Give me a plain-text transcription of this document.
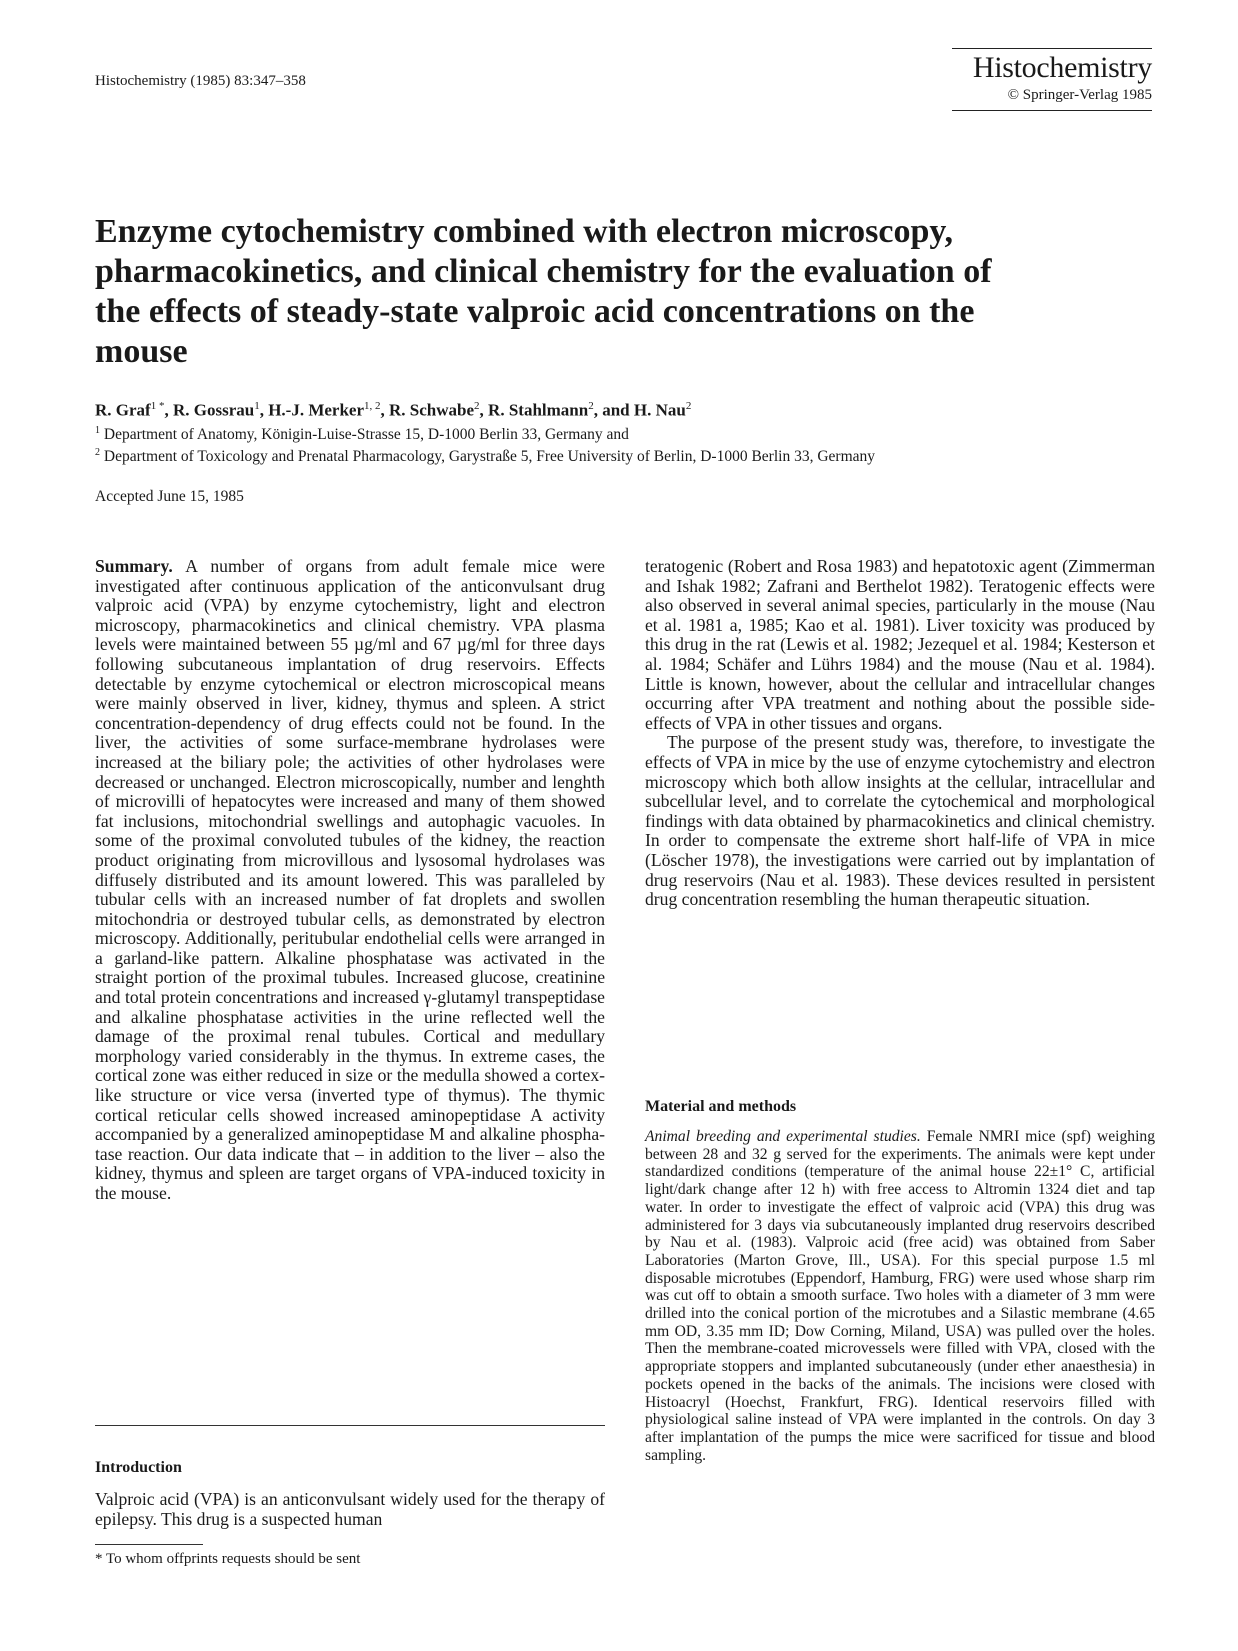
Histochemistry (1985) 83:347–358	Histochemistry
© Springer-Verlag 1985
Enzyme cytochemistry combined with electron microscopy, pharmacokinetics, and clinical chemistry for the evaluation of the effects of steady-state valproic acid concentrations on the mouse
R. Graf$^{1 *}$, R. Gossrau$^1$, H.-J. Merker$^{1, 2}$, R. Schwabe$^2$, R. Stahlmann$^2$, and H. Nau$^2$
$^1$ Department of Anatomy, Königin-Luise-Strasse 15, D-1000 Berlin 33, Germany and
$^2$ Department of Toxicology and Prenatal Pharmacology, Garystraße 5, Free University of Berlin, D-1000 Berlin 33, Germany
Accepted June 15, 1985

Summary. A number of organs from adult female mice were investigated after continuous application of the anticonvulsant drug valproic acid (VPA) by enzyme cytochemistry, light and electron microscopy, pharmacokinetics and clinical chemistry. VPA plasma levels were maintained between 55 µg/ml and 67 µg/ml for three days following subcutaneous implantation of drug reservoirs. Effects detectable by enzyme cytochemical or electron microscopical means were mainly observed in liver, kidney, thymus and spleen. A strict concentration-dependency of drug effects could not be found. In the liver, the activities of some surface-membrane hydrolases were increased at the biliary pole; the activities of other hydrolases were decreased or unchanged. Electron microscopically, number and lenghth of microvilli of hepatocytes were increased and many of them showed fat inclusions, mitochondrial swellings and autophagic vacuoles. In some of the proximal convoluted tubules of the kidney, the reaction product originating from microvillous and lysosomal hydrolases was diffusely distributed and its amount lowered. This was paralleled by tubular cells with an increased number of fat droplets and swollen mitochondria or destroyed tubular cells, as demonstrated by electron microscopy. Additionally, peritubular endothelial cells were arranged in a garland-like pattern. Alkaline phosphatase was activated in the straight portion of the proximal tubules. Increased glucose, creatinine and total protein concentrations and increased γ-glutamyl transpeptidase and alkaline phosphatase activities in the urine reflected well the damage of the proximal renal tubules. Cortical and medullary morphology varied considerably in the thymus. In extreme cases, the cortical zone was either reduced in size or the medulla showed a cortex-like structure or vice versa (inverted type of thymus). The thymic cortical reticular cells showed increased aminopeptidase A activity accompanied by a generalized aminopeptidase M and alkaline phosphatase reaction. Our data indicate that – in addition to the liver – also the kidney, thymus and spleen are target organs of VPA-induced toxicity in the mouse.

Introduction

Valproic acid (VPA) is an anticonvulsant widely used for the therapy of epilepsy. This drug is a suspected human

* To whom offprints requests should be sent

teratogenic (Robert and Rosa 1983) and hepatotoxic agent (Zimmerman and Ishak 1982; Zafrani and Berthelot 1982). Teratogenic effects were also observed in several animal species, particularly in the mouse (Nau et al. 1981 a, 1985; Kao et al. 1981). Liver toxicity was produced by this drug in the rat (Lewis et al. 1982; Jezequel et al. 1984; Kesterson et al. 1984; Schäfer and Lührs 1984) and the mouse (Nau et al. 1984). Little is known, however, about the cellular and intracellular changes occurring after VPA treatment and nothing about the possible side-effects of VPA in other tissues and organs.

The purpose of the present study was, therefore, to investigate the effects of VPA in mice by the use of enzyme cytochemistry and electron microscopy which both allow insights at the cellular, intracellular and subcellular level, and to correlate the cytochemical and morphological findings with data obtained by pharmacokinetics and clinical chemistry. In order to compensate the extreme short half-life of VPA in mice (Löscher 1978), the investigations were carried out by implantation of drug reservoirs (Nau et al. 1983). These devices resulted in persistent drug concentration resembling the human therapeutic situation.

Material and methods

Animal breeding and experimental studies. Female NMRI mice (spf) weighing between 28 and 32 g served for the experiments. The animals were kept under standardized conditions (temperature of the animal house 22±1° C, artificial light/dark change after 12 h) with free access to Altromin 1324 diet and tap water. In order to investigate the effect of valproic acid (VPA) this drug was administered for 3 days via subcutaneously implanted drug reservoirs described by Nau et al. (1983). Valproic acid (free acid) was obtained from Saber Laboratories (Marton Grove, Ill., USA). For this special purpose 1.5 ml disposable microtubes (Eppendorf, Hamburg, FRG) were used whose sharp rim was cut off to obtain a smooth surface. Two holes with a diameter of 3 mm were drilled into the conical portion of the microtubes and a Silastic membrane (4.65 mm OD, 3.35 mm ID; Dow Corning, Miland, USA) was pulled over the holes. Then the membrane-coated microvessels were filled with VPA, closed with the appropriate stoppers and implanted subcutaneously (under ether anaesthesia) in pockets opened in the backs of the animals. The incisions were closed with Histoacryl (Hoechst, Frankfurt, FRG). Identical reservoirs filled with physiological saline instead of VPA were implanted in the controls. On day 3 after implantation of the pumps the mice were sacrificed for tissue and blood sampling.
